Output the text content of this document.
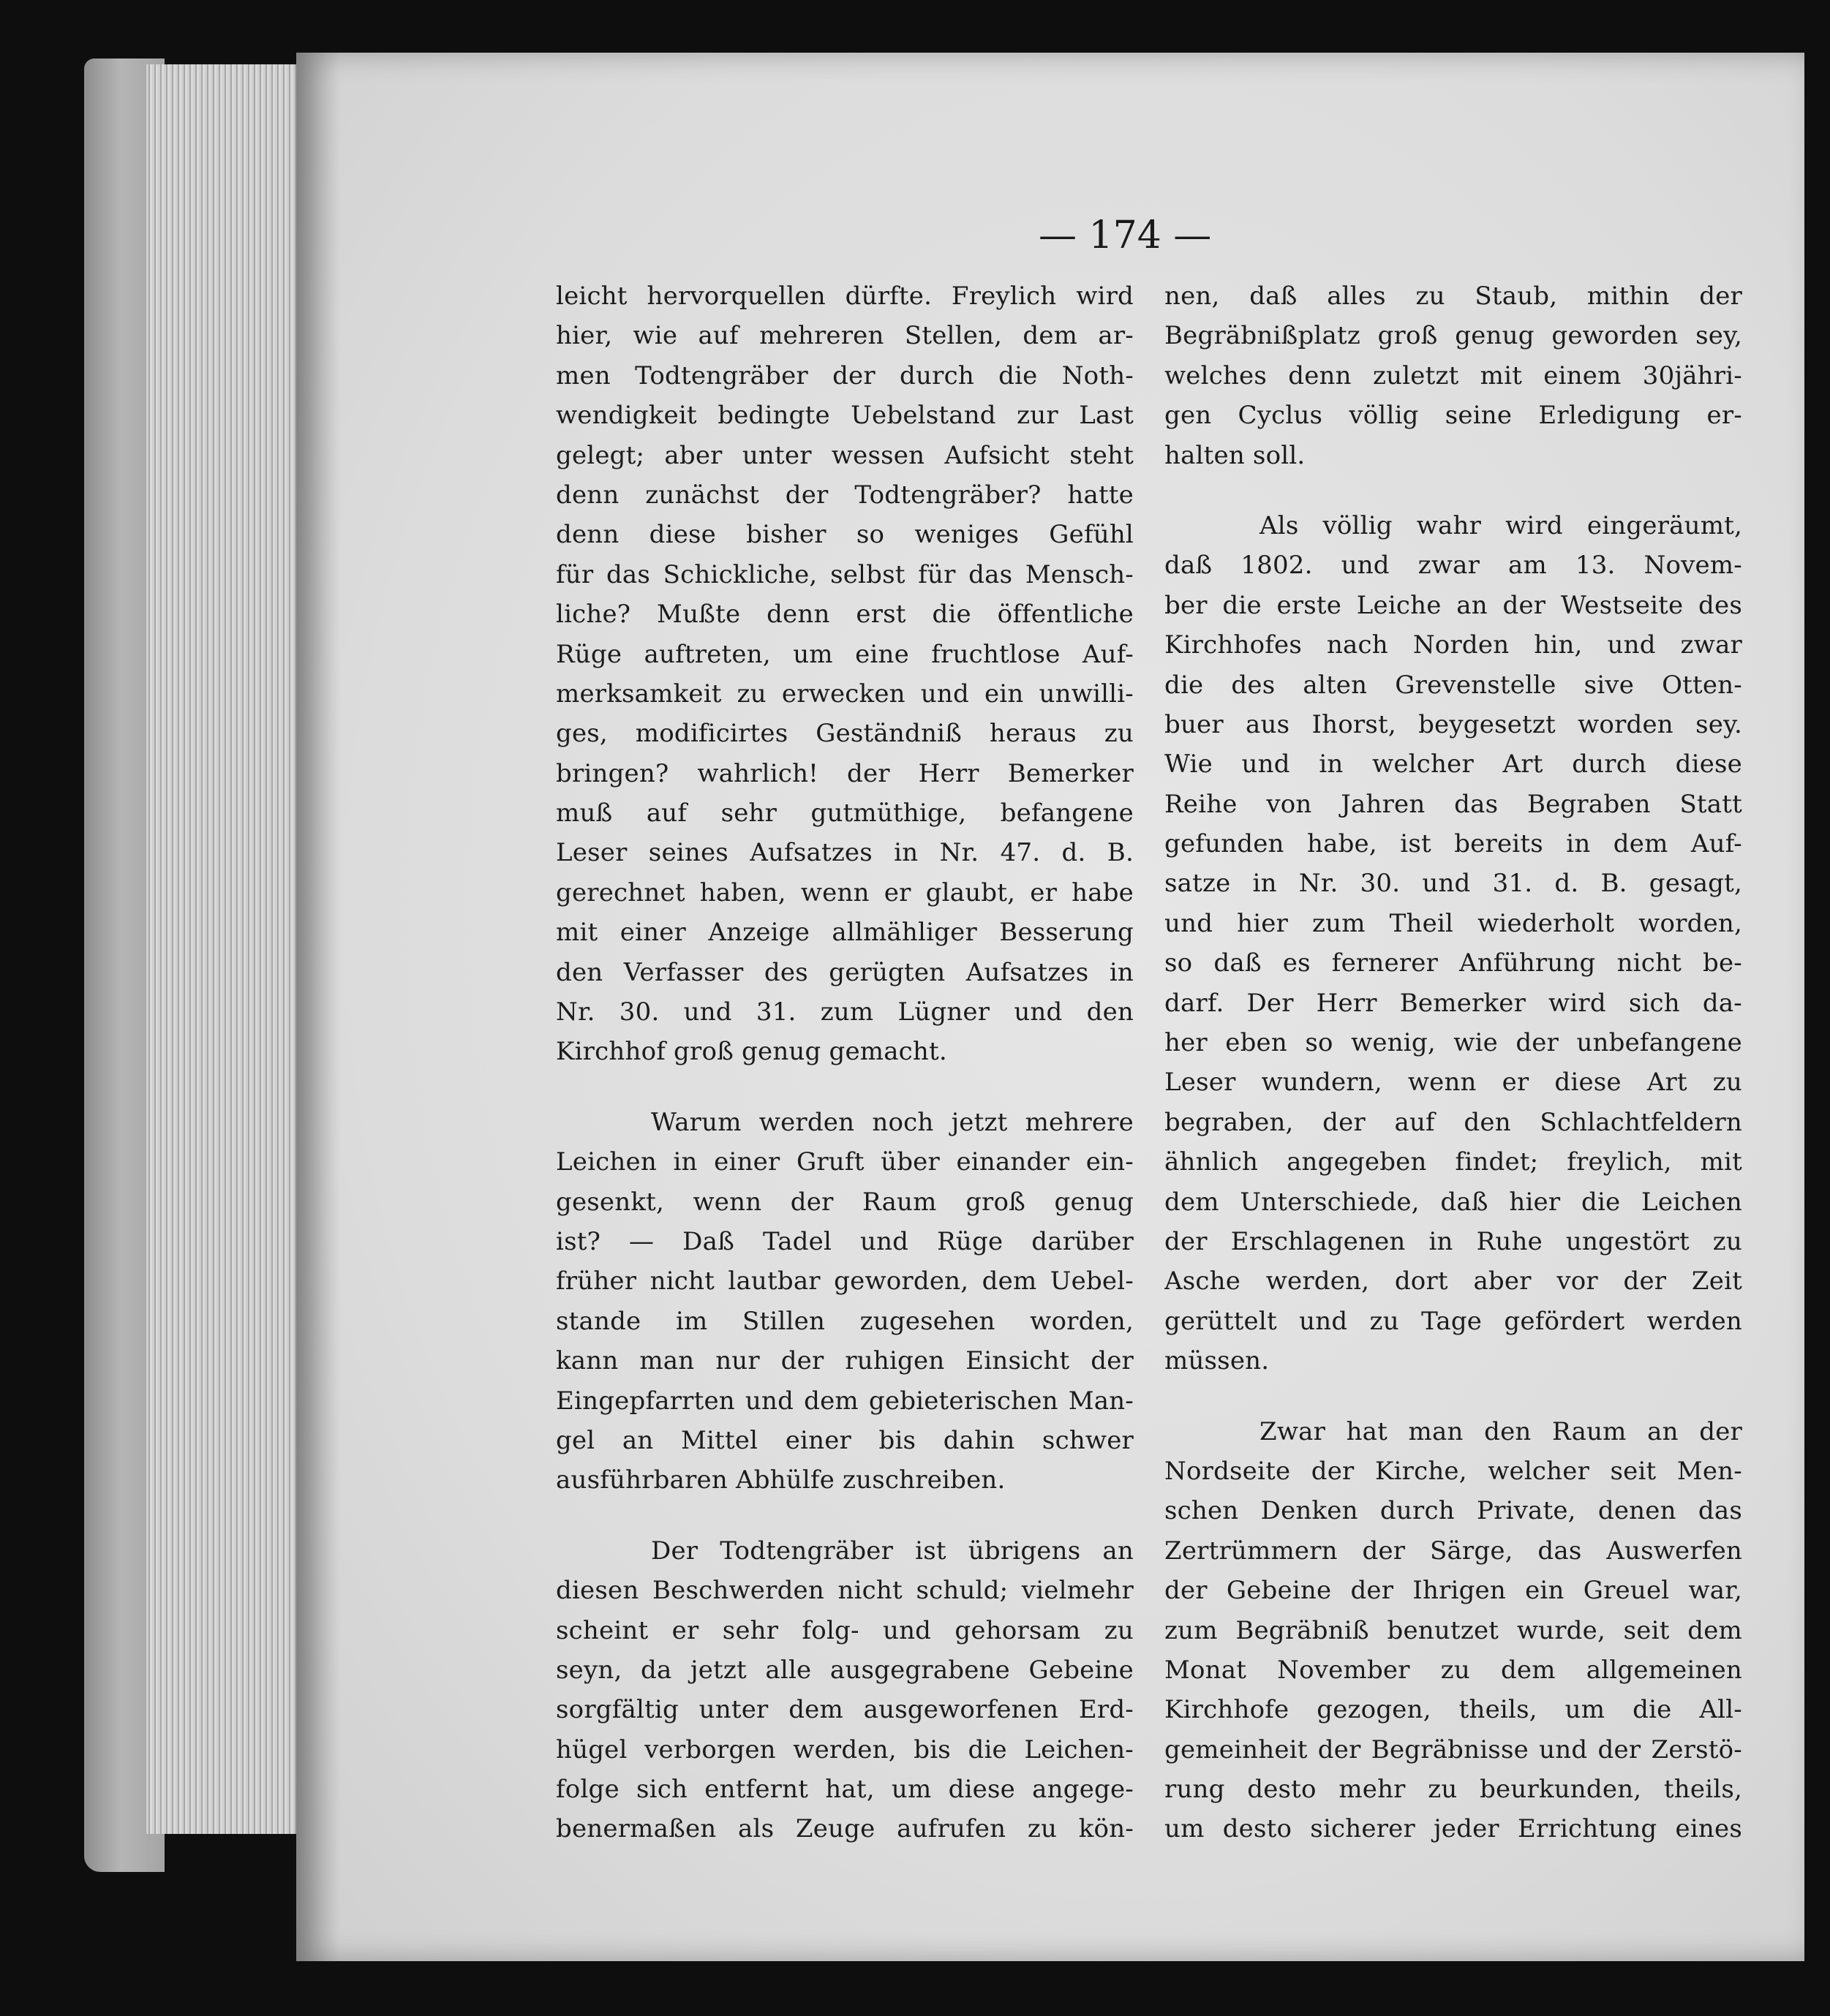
— 174 —
leicht hervorquellen dürfte. Freylich wird
hier, wie auf mehreren Stellen, dem ar-
men Todtengräber der durch die Noth-
wendigkeit bedingte Uebelstand zur Last
gelegt; aber unter wessen Aufsicht steht
denn zunächst der Todtengräber? hatte
denn diese bisher so weniges Gefühl
für das Schickliche, selbst für das Mensch-
liche? Mußte denn erst die öffentliche
Rüge auftreten, um eine fruchtlose Auf-
merksamkeit zu erwecken und ein unwilli-
ges, modificirtes Geständniß heraus zu
bringen? wahrlich! der Herr Bemerker
muß auf sehr gutmüthige, befangene
Leser seines Aufsatzes in Nr. 47. d. B.
gerechnet haben, wenn er glaubt, er habe
mit einer Anzeige allmähliger Besserung
den Verfasser des gerügten Aufsatzes in
Nr. 30. und 31. zum Lügner und den
Kirchhof groß genug gemacht.
Warum werden noch jetzt mehrere
Leichen in einer Gruft über einander ein-
gesenkt, wenn der Raum groß genug
ist? — Daß Tadel und Rüge darüber
früher nicht lautbar geworden, dem Uebel-
stande im Stillen zugesehen worden,
kann man nur der ruhigen Einsicht der
Eingepfarrten und dem gebieterischen Man-
gel an Mittel einer bis dahin schwer
ausführbaren Abhülfe zuschreiben.
Der Todtengräber ist übrigens an
diesen Beschwerden nicht schuld; vielmehr
scheint er sehr folg- und gehorsam zu
seyn, da jetzt alle ausgegrabene Gebeine
sorgfältig unter dem ausgeworfenen Erd-
hügel verborgen werden, bis die Leichen-
folge sich entfernt hat, um diese angege-
benermaßen als Zeuge aufrufen zu kön-
nen, daß alles zu Staub, mithin der
Begräbnißplatz groß genug geworden sey,
welches denn zuletzt mit einem 30jähri-
gen Cyclus völlig seine Erledigung er-
halten soll.
Als völlig wahr wird eingeräumt,
daß 1802. und zwar am 13. Novem-
ber die erste Leiche an der Westseite des
Kirchhofes nach Norden hin, und zwar
die des alten Grevenstelle sive Otten-
buer aus Ihorst, beygesetzt worden sey.
Wie und in welcher Art durch diese
Reihe von Jahren das Begraben Statt
gefunden habe, ist bereits in dem Auf-
satze in Nr. 30. und 31. d. B. gesagt,
und hier zum Theil wiederholt worden,
so daß es fernerer Anführung nicht be-
darf. Der Herr Bemerker wird sich da-
her eben so wenig, wie der unbefangene
Leser wundern, wenn er diese Art zu
begraben, der auf den Schlachtfeldern
ähnlich angegeben findet; freylich, mit
dem Unterschiede, daß hier die Leichen
der Erschlagenen in Ruhe ungestört zu
Asche werden, dort aber vor der Zeit
gerüttelt und zu Tage gefördert werden
müssen.
Zwar hat man den Raum an der
Nordseite der Kirche, welcher seit Men-
schen Denken durch Private, denen das
Zertrümmern der Särge, das Auswerfen
der Gebeine der Ihrigen ein Greuel war,
zum Begräbniß benutzet wurde, seit dem
Monat November zu dem allgemeinen
Kirchhofe gezogen, theils, um die All-
gemeinheit der Begräbnisse und der Zerstö-
rung desto mehr zu beurkunden, theils,
um desto sicherer jeder Errichtung eines
